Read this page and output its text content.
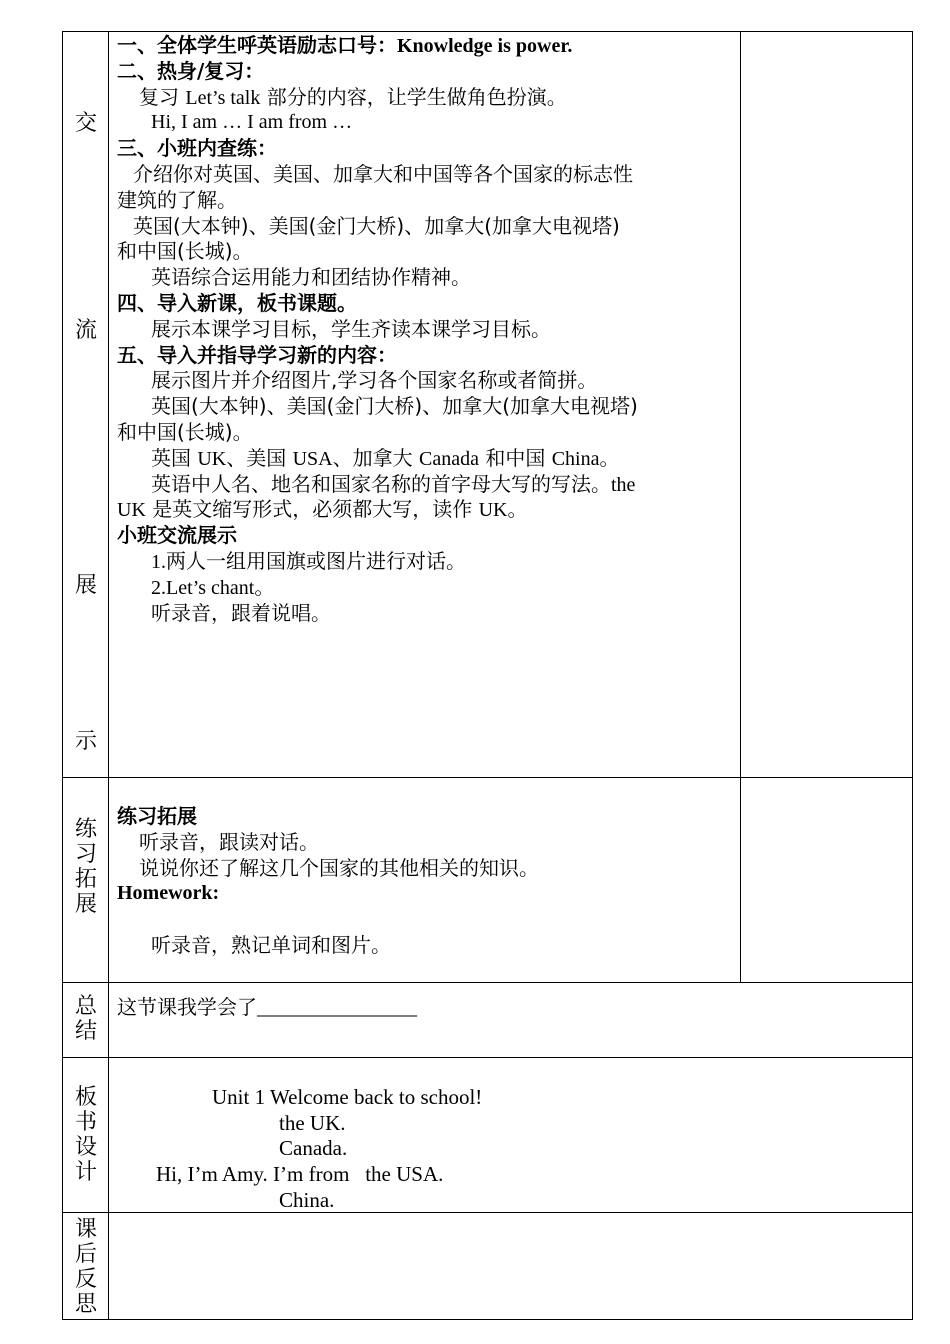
交
流
展
示
练习拓展
总结
板书设计
课后反思
一、全体学生呼英语励志口号：Knowledge is power.
二、热身/复习：
复习 Let’s talk 部分的内容，让学生做角色扮演。
Hi, I am … I am from …
三、小班内查练：
介绍你对英国、美国、加拿大和中国等各个国家的标志性
建筑的了解。
英国(大本钟)、美国(金门大桥)、加拿大(加拿大电视塔)
和中国(长城)。
英语综合运用能力和团结协作精神。
四、导入新课，板书课题。
展示本课学习目标，学生齐读本课学习目标。
五、导入并指导学习新的内容：
展示图片并介绍图片,学习各个国家名称或者简拼。
英国(大本钟)、美国(金门大桥)、加拿大(加拿大电视塔)
和中国(长城)。
英国 UK、美国 USA、加拿大 Canada 和中国 China。
英语中人名、地名和国家名称的首字母大写的写法。the
UK 是英文缩写形式，必须都大写，读作 UK。
小班交流展示
1.两人一组用国旗或图片进行对话。
2.Let’s chant。
听录音，跟着说唱。
练习拓展
听录音，跟读对话。
说说你还了解这几个国家的其他相关的知识。
Homework:
听录音，熟记单词和图片。
这节课我学会了________________
Unit 1 Welcome back to school!
the UK.
Canada.
Hi, I’m Amy. I’m from   the USA.
China.
